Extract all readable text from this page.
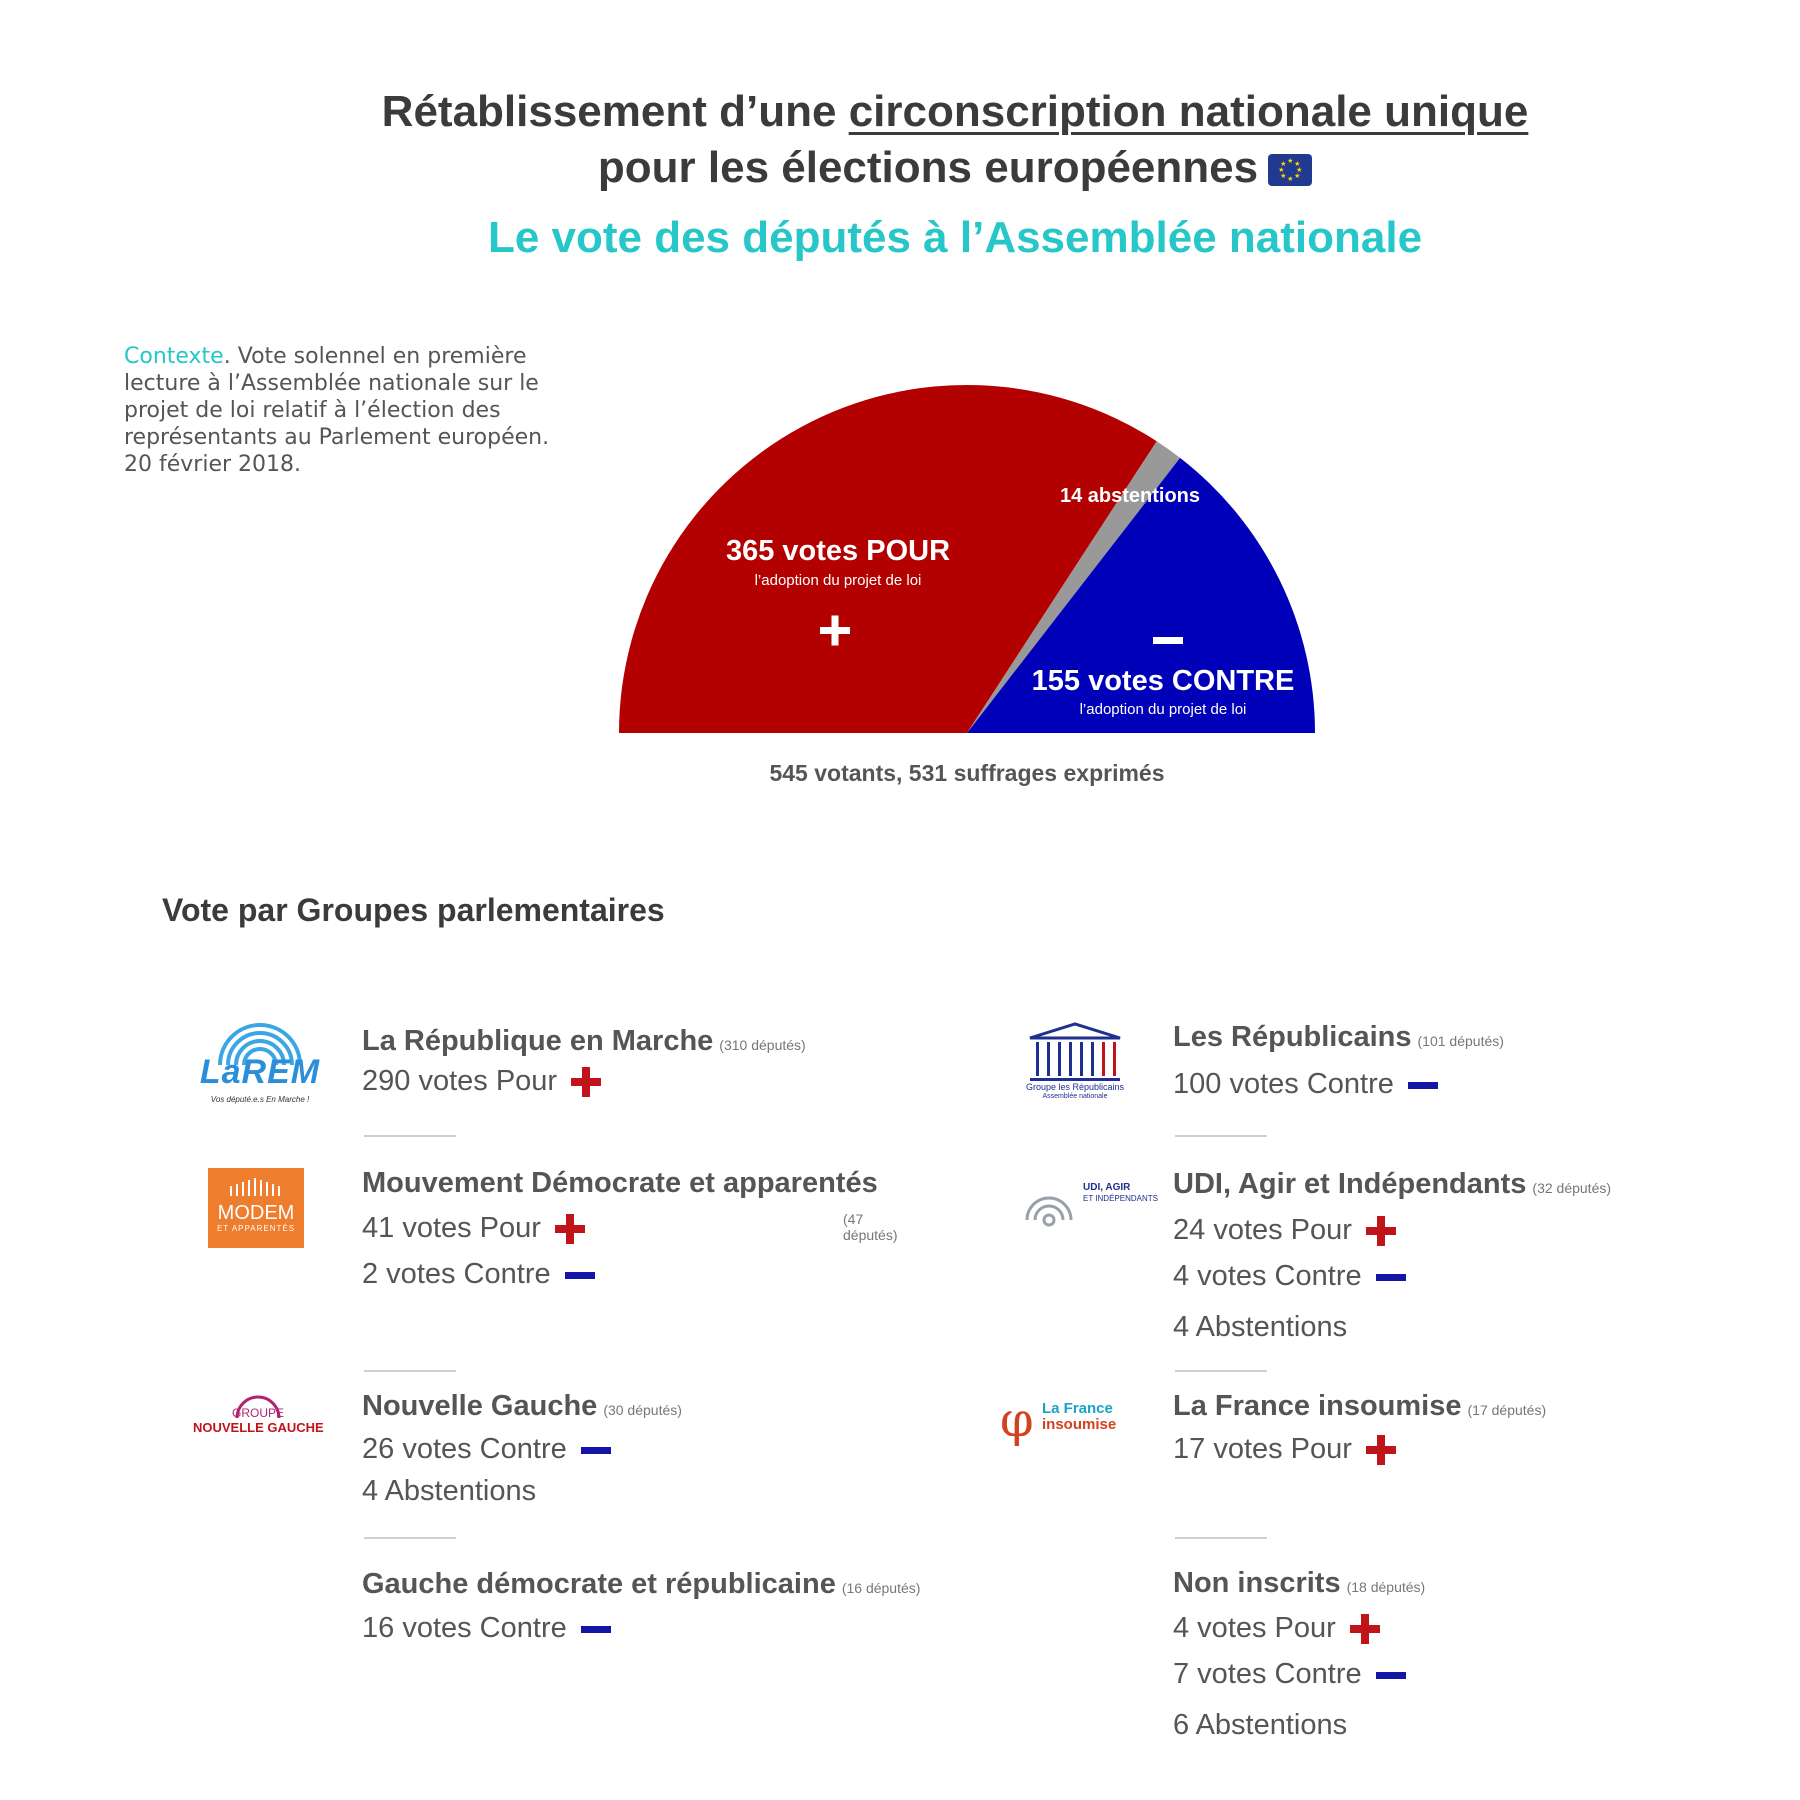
Rétablissement d’une circonscription nationale unique
pour les élections européennes	★ ★
★
★
★
★
★
★
Le vote des députés à l’Assemblée nationale
Contexte. Vote solennel en première lecture à l’Assemblée nationale sur le projet de loi relatif à l’élection des représentants au Parlement européen. 20 février 2018.
545 votants, 531 suffrages exprimés
365 votes POUR
l’adoption du projet de loi
14 abstentions
155 votes CONTRE
l’adoption du projet de loi
Vote par Groupes parlementaires
La République en Marche (310 députés)
290 votes Pour
LaREM
Vos député.e.s En Marche !
Les Républicains (101 députés)
100 votes Contre
Groupe les Républicains
Assemblée nationale
(47 députés)
Mouvement Démocrate et apparentés
41 votes Pour
2 votes Contre
MODEM
ET APPARENTÉS
UDI, Agir et Indépendants (32 députés)
24 votes Pour
4 votes Contre
4 Abstentions
UDI, AGIR
ET INDÉPENDANTS
Nouvelle Gauche (30 députés)
26 votes Contre
4 Abstentions
GROUPE
NOUVELLE GAUCHE
La France insoumise (17 députés)
17 votes Pour
φ La France
insoumise
Gauche démocrate et républicaine (16 députés)
16 votes Contre
Non inscrits (18 députés)
4 votes Pour
7 votes Contre
6 Abstentions
